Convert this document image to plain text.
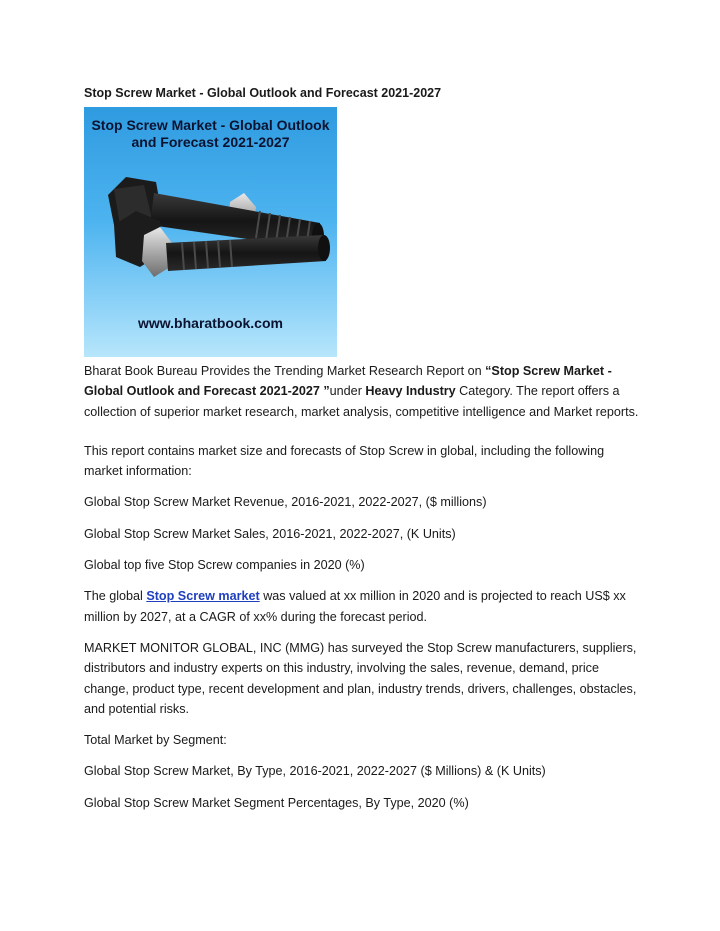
Stop Screw Market - Global Outlook and Forecast 2021-2027
Stop Screw Market - Global Outlook
and Forecast 2021-2027
www.bharatbook.com

Bharat Book Bureau Provides the Trending Market Research Report on “Stop Screw Market - Global Outlook and Forecast 2021-2027 ”under Heavy Industry Category. The report offers a collection of superior market research, market analysis, competitive intelligence and Market reports.

This report contains market size and forecasts of Stop Screw in global, including the following market information:

Global Stop Screw Market Revenue, 2016-2021, 2022-2027, ($ millions)

Global Stop Screw Market Sales, 2016-2021, 2022-2027, (K Units)

Global top five Stop Screw companies in 2020 (%)

The global Stop Screw market was valued at xx million in 2020 and is projected to reach US$ xx million by 2027, at a CAGR of xx% during the forecast period.

MARKET MONITOR GLOBAL, INC (MMG) has surveyed the Stop Screw manufacturers, suppliers, distributors and industry experts on this industry, involving the sales, revenue, demand, price change, product type, recent development and plan, industry trends, drivers, challenges, obstacles, and potential risks.

Total Market by Segment:

Global Stop Screw Market, By Type, 2016-2021, 2022-2027 ($ Millions) & (K Units)

Global Stop Screw Market Segment Percentages, By Type, 2020 (%)
